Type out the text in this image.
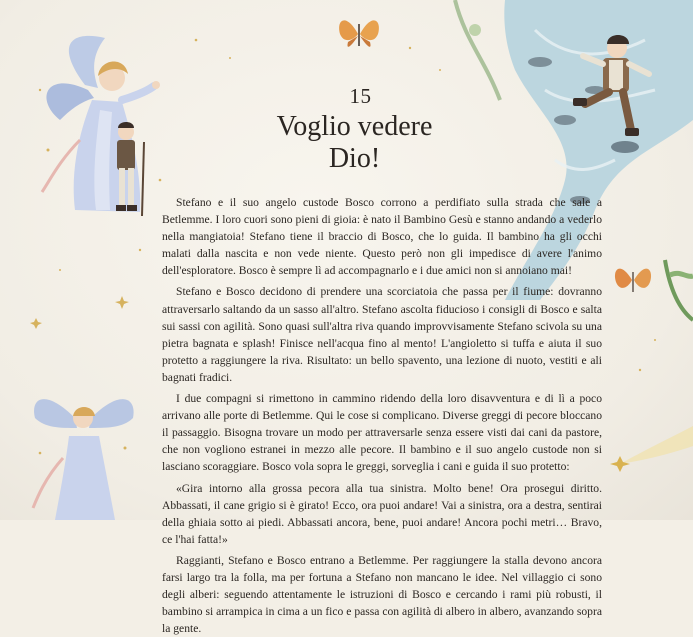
15
Voglio vedere
Dio!

Stefano e il suo angelo custode Bosco corrono a perdifiato sulla strada che sale a Betlemme. I loro cuori sono pieni di gioia: è nato il Bambino Gesù e stanno andando a vederlo nella mangiatoia! Stefano tiene il braccio di Bosco, che lo guida. Il bambino ha gli occhi malati dalla nascita e non vede niente. Questo però non gli impedisce di avere l'animo dell'esploratore. Bosco è sempre lì ad accompagnarlo e i due amici non si annoiano mai!

Stefano e Bosco decidono di prendere una scorciatoia che passa per il fiume: dovranno attraversarlo saltando da un sasso all'altro. Stefano ascolta fiducioso i consigli di Bosco e salta sui sassi con agilità. Sono quasi sull'altra riva quando improvvisamente Stefano scivola su una pietra bagnata e splash! Finisce nell'acqua fino al mento! L'angioletto si tuffa e aiuta il suo protetto a raggiungere la riva. Risultato: un bello spavento, una lezione di nuoto, vestiti e ali bagnati fradici.

I due compagni si rimettono in cammino ridendo della loro disavventura e di lì a poco arrivano alle porte di Betlemme. Qui le cose si complicano. Diverse greggi di pecore bloccano il passaggio. Bisogna trovare un modo per attraversarle senza essere visti dai cani da pastore, che non vogliono estranei in mezzo alle pecore. Il bambino e il suo angelo custode non si lasciano scoraggiare. Bosco vola sopra le greggi, sorveglia i cani e guida il suo protetto:

«Gira intorno alla grossa pecora alla tua sinistra. Molto bene! Ora prosegui diritto. Abbassati, il cane grigio si è girato! Ecco, ora puoi andare! Vai a sinistra, ora a destra, sentirai della ghiaia sotto ai piedi. Abbassati ancora, bene, puoi andare! Ancora pochi metri… Bravo, ce l'hai fatta!»

Raggianti, Stefano e Bosco entrano a Betlemme. Per raggiungere la stalla devono ancora farsi largo tra la folla, ma per fortuna a Stefano non mancano le idee. Nel villaggio ci sono degli alberi: seguendo attentamente le istruzioni di Bosco e cercando i rami più robusti, il bambino si arrampica in cima a un fico e passa con agilità di albero in albero, avanzando sopra la gente.
